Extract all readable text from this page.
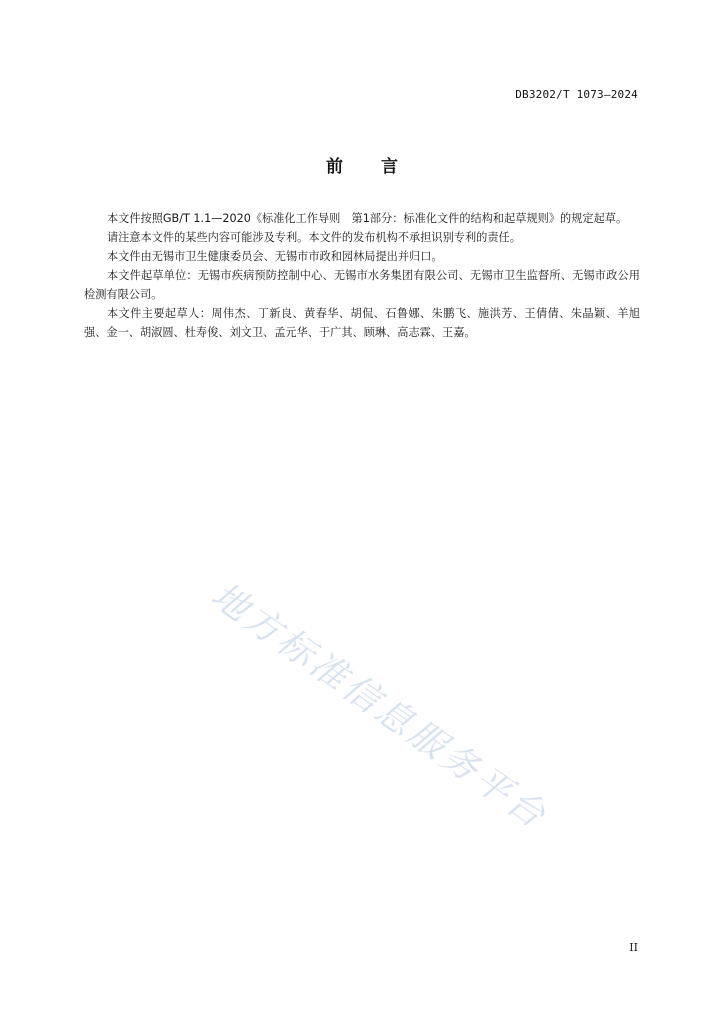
DB3202/T 1073—2024
前言

本文件按照GB/T 1.1—2020《标准化工作导则　第1部分：标准化文件的结构和起草规则》的规定起草。

请注意本文件的某些内容可能涉及专利。本文件的发布机构不承担识别专利的责任。

本文件由无锡市卫生健康委员会、无锡市市政和园林局提出并归口。

本文件起草单位：无锡市疾病预防控制中心、无锡市水务集团有限公司、无锡市卫生监督所、无锡市政公用检测有限公司。

本文件主要起草人：周伟杰、丁新良、黄春华、胡侃、石鲁娜、朱鹏飞、施洪芳、王倩倩、朱晶颖、羊旭强、金一、胡淑圆、杜寿俊、刘文卫、孟元华、于广其、顾琳、高志霖、王嘉。

地方标准信息服务平台
II
